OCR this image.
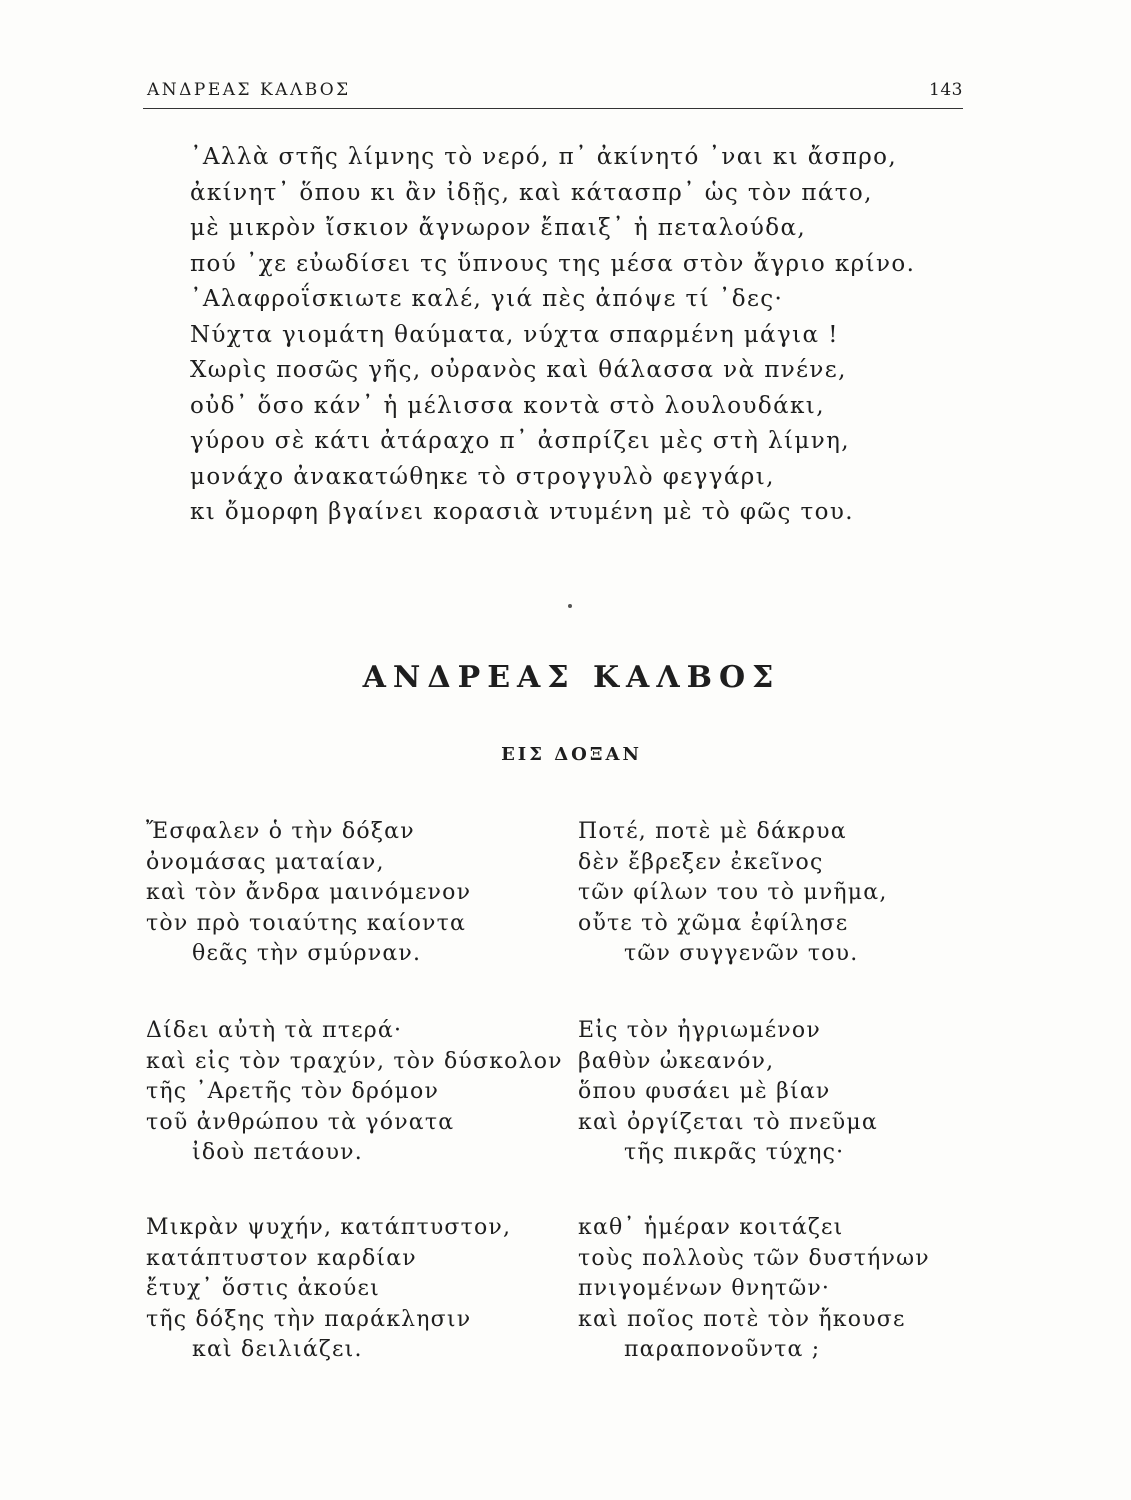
ΑΝΔΡΕΑΣ ΚΑΛΒΟΣ	143
᾿Αλλὰ στῆς λίμνης τὸ νερό, π᾿ ἀκίνητό ᾿ναι κι ἄσπρο,
ἀκίνητ᾿ ὅπου κι ἂν ἰδῇς, καὶ κάτασπρ᾿ ὡς τὸν πάτο,
μὲ μικρὸν ἴσκιον ἄγνωρον ἔπαιξ᾿ ἡ πεταλούδα,
πού ᾿χε εὐωδίσει τς ὕπνους της μέσα στὸν ἄγριο κρίνο.
᾿Αλαφροΐσκιωτε καλέ, γιά πὲς ἀπόψε τί ᾿δες·
Νύχτα γιομάτη θαύματα, νύχτα σπαρμένη μάγια !
Χωρὶς ποσῶς γῆς, οὐρανὸς καὶ θάλασσα νὰ πνένε,
οὐδ᾿ ὅσο κάν᾿ ἡ μέλισσα κοντὰ στὸ λουλουδάκι,
γύρου σὲ κάτι ἀτάραχο π᾿ ἀσπρίζει μὲς στὴ λίμνη,
μονάχο ἀνακατώθηκε τὸ στρογγυλὸ φεγγάρι,
κι ὄμορφη βγαίνει κορασιὰ ντυμένη μὲ τὸ φῶς του.
ΑΝΔΡΕΑΣ ΚΑΛΒΟΣ
ΕΙΣ ΔΟΞΑΝ
Ἔσφαλεν ὁ τὴν δόξαν
ὀνομάσας ματαίαν,
καὶ τὸν ἄνδρα μαινόμενον
τὸν πρὸ τοιαύτης καίοντα
θεᾶς τὴν σμύρναν.
Ποτέ, ποτὲ μὲ δάκρυα
δὲν ἔβρεξεν ἐκεῖνος
τῶν φίλων του τὸ μνῆμα,
οὔτε τὸ χῶμα ἐφίλησε
τῶν συγγενῶν του.
Δίδει αὐτὴ τὰ πτερά·
καὶ εἰς τὸν τραχύν, τὸν δύσκολον
τῆς ᾿Αρετῆς τὸν δρόμον
τοῦ ἀνθρώπου τὰ γόνατα
ἰδοὺ πετάουν.
Εἰς τὸν ἠγριωμένον
βαθὺν ὠκεανόν,
ὅπου φυσάει μὲ βίαν
καὶ ὀργίζεται τὸ πνεῦμα
τῆς πικρᾶς τύχης·
Μικρὰν ψυχήν, κατάπτυστον,
κατάπτυστον καρδίαν
ἔτυχ᾿ ὅστις ἀκούει
τῆς δόξης τὴν παράκλησιν
καὶ δειλιάζει.
καθ᾿ ἡμέραν κοιτάζει
τοὺς πολλοὺς τῶν δυστήνων
πνιγομένων θνητῶν·
καὶ ποῖος ποτὲ τὸν ἤκουσε
παραπονοῦντα ;
